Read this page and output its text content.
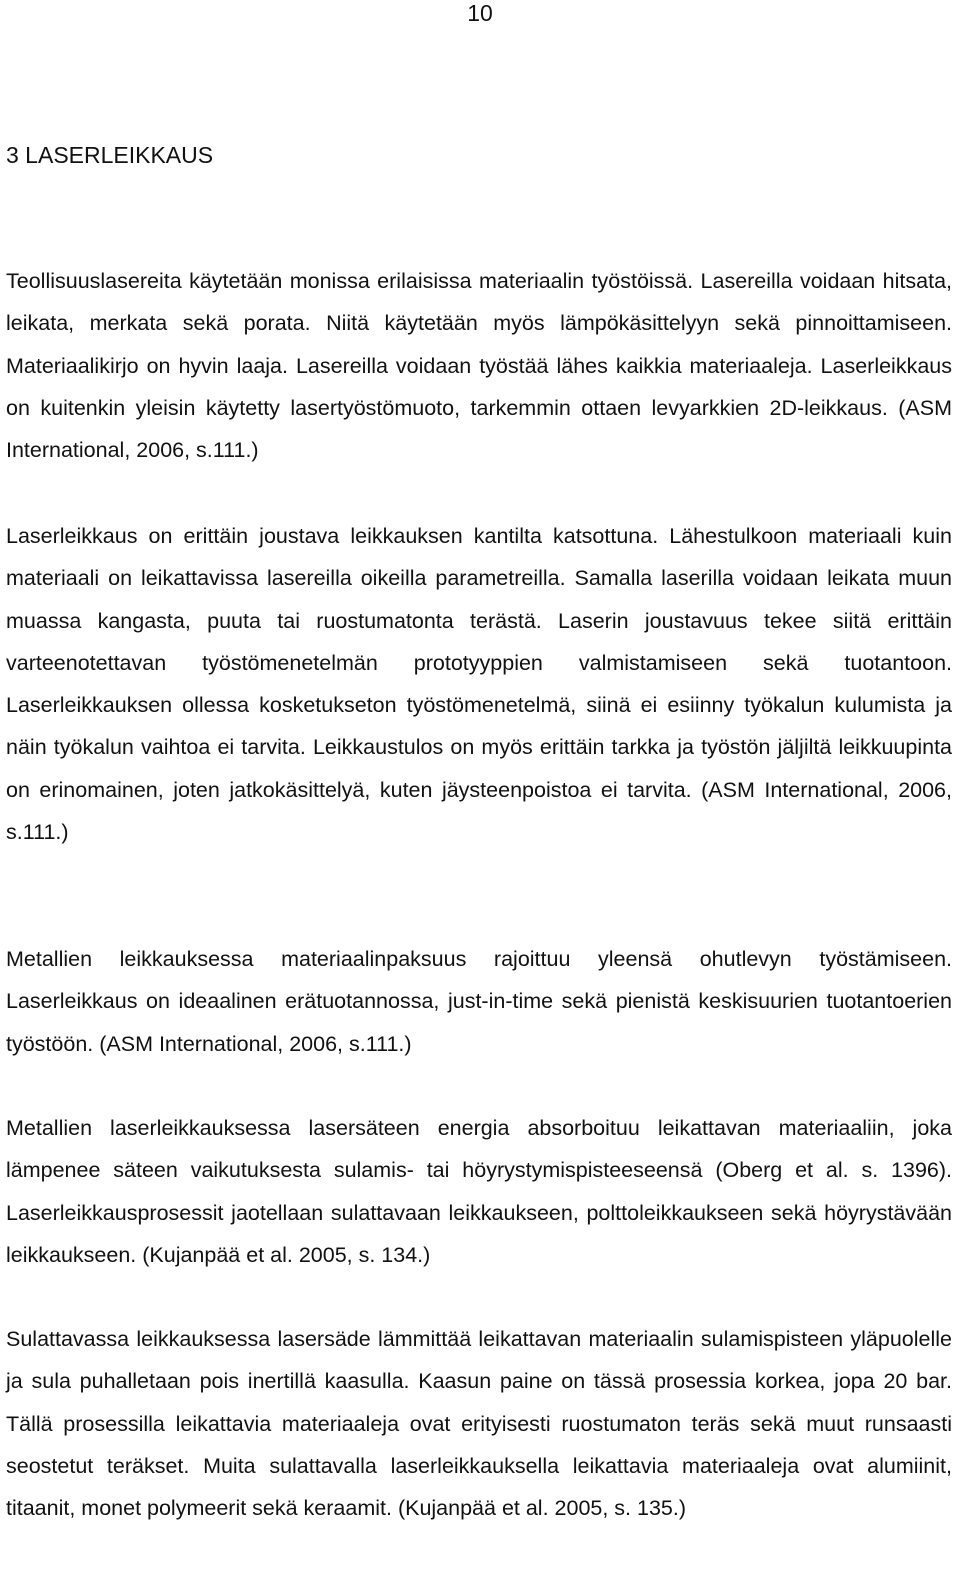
10
3 LASERLEIKKAUS

Teollisuuslasereita käytetään monissa erilaisissa materiaalin työstöissä. Lasereilla voidaan hitsata, leikata, merkata sekä porata. Niitä käytetään myös lämpökäsittelyyn sekä pinnoittamiseen. Materiaalikirjo on hyvin laaja. Lasereilla voidaan työstää lähes kaikkia materiaaleja. Laserleikkaus on kuitenkin yleisin käytetty lasertyöstömuoto, tarkemmin ottaen levyarkkien 2D-leikkaus. (ASM International, 2006, s.111.)

Laserleikkaus on erittäin joustava leikkauksen kantilta katsottuna. Lähestulkoon materiaali kuin materiaali on leikattavissa lasereilla oikeilla parametreilla. Samalla laserilla voidaan leikata muun muassa kangasta, puuta tai ruostumatonta terästä. Laserin joustavuus tekee siitä erittäin varteenotettavan työstömenetelmän prototyyppien valmistamiseen sekä tuotantoon. Laserleikkauksen ollessa kosketukseton työstömenetelmä, siinä ei esiinny työkalun kulumista ja näin työkalun vaihtoa ei tarvita. Leikkaustulos on myös erittäin tarkka ja työstön jäljiltä leikkuupinta on erinomainen, joten jatkokäsittelyä, kuten jäysteenpoistoa ei tarvita. (ASM International, 2006, s.111.)

Metallien leikkauksessa materiaalinpaksuus rajoittuu yleensä ohutlevyn työstämiseen. Laserleikkaus on ideaalinen erätuotannossa, just-in-time sekä pienistä keskisuurien tuotantoerien työstöön. (ASM International, 2006, s.111.)

Metallien laserleikkauksessa lasersäteen energia absorboituu leikattavan materiaaliin, joka lämpenee säteen vaikutuksesta sulamis- tai höyrystymispisteeseensä (Oberg et al. s. 1396). Laserleikkausprosessit jaotellaan sulattavaan leikkaukseen, polttoleikkaukseen sekä höyrystävään leikkaukseen. (Kujanpää et al. 2005, s. 134.)

Sulattavassa leikkauksessa lasersäde lämmittää leikattavan materiaalin sulamispisteen yläpuolelle ja sula puhalletaan pois inertillä kaasulla. Kaasun paine on tässä prosessia korkea, jopa 20 bar. Tällä prosessilla leikattavia materiaaleja ovat erityisesti ruostumaton teräs sekä muut runsaasti seostetut teräkset. Muita sulattavalla laserleikkauksella leikattavia materiaaleja ovat alumiinit, titaanit, monet polymeerit sekä keraamit. (Kujanpää et al. 2005, s. 135.)
